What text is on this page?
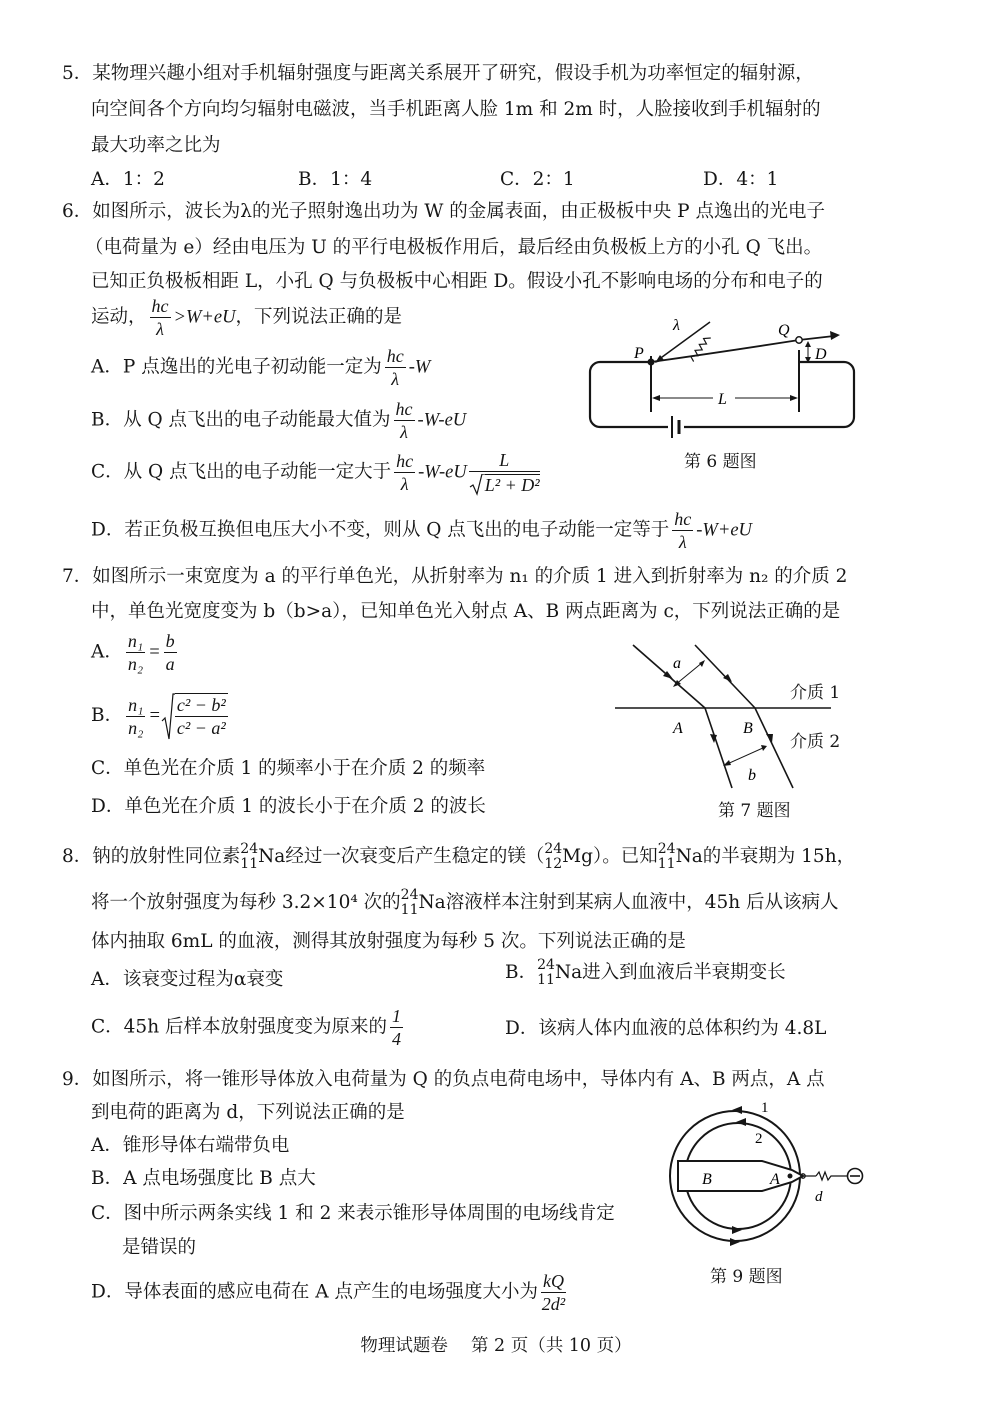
5．某物理兴趣小组对手机辐射强度与距离关系展开了研究，假设手机为功率恒定的辐射源，
向空间各个方向均匀辐射电磁波，当手机距离人脸 1m 和 2m 时，人脸接收到手机辐射的
最大功率之比为
A．1：2	B．1：4	C．2：1	D．4：1
6．如图所示，波长为λ的光子照射逸出功为 W 的金属表面，由正极板中央 P 点逸出的光电子
（电荷量为 e）经由电压为 U 的平行电极板作用后，最后经由负极板上方的小孔 Q 飞出。
已知正负极板相距 L，小孔 Q 与负极板中心相距 D。假设小孔不影响电场的分布和电子的
运动， $\frac{hc}{\lambda} >W+eU$，下列说法正确的是
A．P 点逸出的光电子初动能一定为 $\frac{hc}{\lambda} -W$
B．从 Q 点飞出的电子动能最大值为 $\frac{hc}{\lambda} -W-eU$
C．从 Q 点飞出的电子动能一定大于 $\frac{hc}{\lambda} -W-eU \frac{L}{\text{L² + D²}}$
D．若正负极互换但电压大小不变，则从 Q 点飞出的电子动能一定等于 $\frac{hc}{\lambda} -W+eU$
λ
P
Q
D
L
第 6 题图
7．如图所示一束宽度为 a 的平行单色光，从折射率为 n₁ 的介质 1 进入到折射率为 n₂ 的介质 2
中，单色光宽度变为 b（b>a），已知单色光入射点 A、B 两点距离为 c，下列说法正确的是
A． $\frac{\text{n₁}}{\text{n₂}} = \frac{b}{a}$
B． $\frac{\text{n₁}}{\text{n₂}} = \frac{\text{c² − b²}}{\text{c² − a²}}$
C．单色光在介质 1 的频率小于在介质 2 的频率
D．单色光在介质 1 的波长小于在介质 2 的波长
a
b
A	B
介质 1
介质 2
第 7 题图
8．钠的放射性同位素 24
11 Na经过一次衰变后产生稳定的镁（ 24
12 Mg）。已知 24
11 Na的半衰期为 15h，
将一个放射强度为每秒 3.2×10⁴ 次的 24
11 Na溶液样本注射到某病人血液中，45h 后从该病人
体内抽取 6mL 的血液，测得其放射强度为每秒 5 次。下列说法正确的是
A．该衰变过程为α衰变	B． 24
11 Na进入到血液后半衰期变长
C．45h 后样本放射强度变为原来的 $\frac{1}{4}$	D．该病人体内血液的总体积约为 4.8L
9．如图所示，将一锥形导体放入电荷量为 Q 的负点电荷电场中，导体内有 A、B 两点，A 点
到电荷的距离为 d，下列说法正确的是
A．锥形导体右端带负电
B．A 点电场强度比 B 点大
C．图中所示两条实线 1 和 2 来表示锥形导体周围的电场线肯定
是错误的
D．导体表面的感应电荷在 A 点产生的电场强度大小为 $\frac{kQ}{\text{2d²}}$
1
2
B	A
d
第 9 题图
物理试题卷　 第 2 页（共 10 页）
